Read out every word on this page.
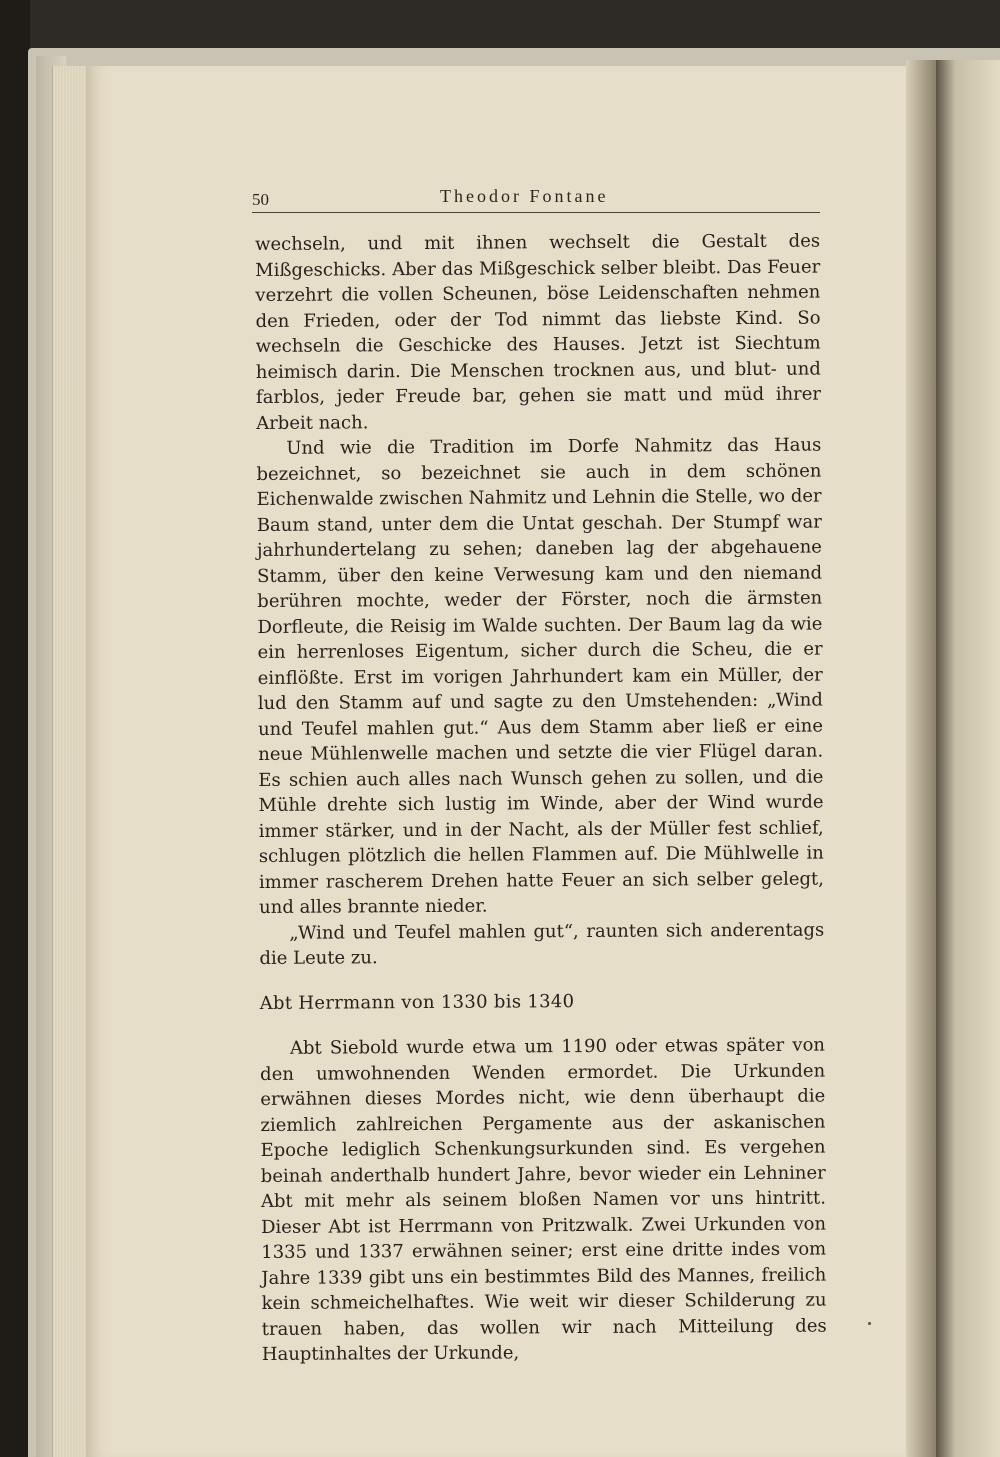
50	Theodor Fontane

wechseln, und mit ihnen wechselt die Gestalt des Mißgeschicks. Aber das Mißgeschick selber bleibt. Das Feuer verzehrt die vollen Scheunen, böse Leidenschaften nehmen den Frieden, oder der Tod nimmt das liebste Kind. So wechseln die Geschicke des Hauses. Jetzt ist Siechtum heimisch darin. Die Menschen trocknen aus, und blut- und farblos, jeder Freude bar, gehen sie matt und müd ihrer Arbeit nach.

Und wie die Tradition im Dorfe Nahmitz das Haus bezeichnet, so bezeichnet sie auch in dem schönen Eichenwalde zwischen Nahmitz und Lehnin die Stelle, wo der Baum stand, unter dem die Untat geschah. Der Stumpf war jahrhundertelang zu sehen; daneben lag der abgehauene Stamm, über den keine Verwesung kam und den niemand berühren mochte, weder der Förster, noch die ärmsten Dorfleute, die Reisig im Walde suchten. Der Baum lag da wie ein herrenloses Eigentum, sicher durch die Scheu, die er einflößte. Erst im vorigen Jahrhundert kam ein Müller, der lud den Stamm auf und sagte zu den Umstehenden: „Wind und Teufel mahlen gut.“ Aus dem Stamm aber ließ er eine neue Mühlenwelle machen und setzte die vier Flügel daran. Es schien auch alles nach Wunsch gehen zu sollen, und die Mühle drehte sich lustig im Winde, aber der Wind wurde immer stärker, und in der Nacht, als der Müller fest schlief, schlugen plötzlich die hellen Flammen auf. Die Mühlwelle in immer rascherem Drehen hatte Feuer an sich selber gelegt, und alles brannte nieder.

„Wind und Teufel mahlen gut“, raunten sich anderentags die Leute zu.

Abt Herrmann von 1330 bis 1340

Abt Siebold wurde etwa um 1190 oder etwas später von den umwohnenden Wenden ermordet. Die Urkunden erwähnen dieses Mordes nicht, wie denn überhaupt die ziemlich zahlreichen Pergamente aus der askanischen Epoche lediglich Schenkungsurkunden sind. Es vergehen beinah anderthalb hundert Jahre, bevor wieder ein Lehniner Abt mit mehr als seinem bloßen Namen vor uns hintritt. Dieser Abt ist Herrmann von Pritzwalk. Zwei Urkunden von 1335 und 1337 erwähnen seiner; erst eine dritte indes vom Jahre 1339 gibt uns ein bestimmtes Bild des Mannes, freilich kein schmeichelhaftes. Wie weit wir dieser Schilderung zu trauen haben, das wollen wir nach Mitteilung des Hauptinhaltes der Urkunde,
